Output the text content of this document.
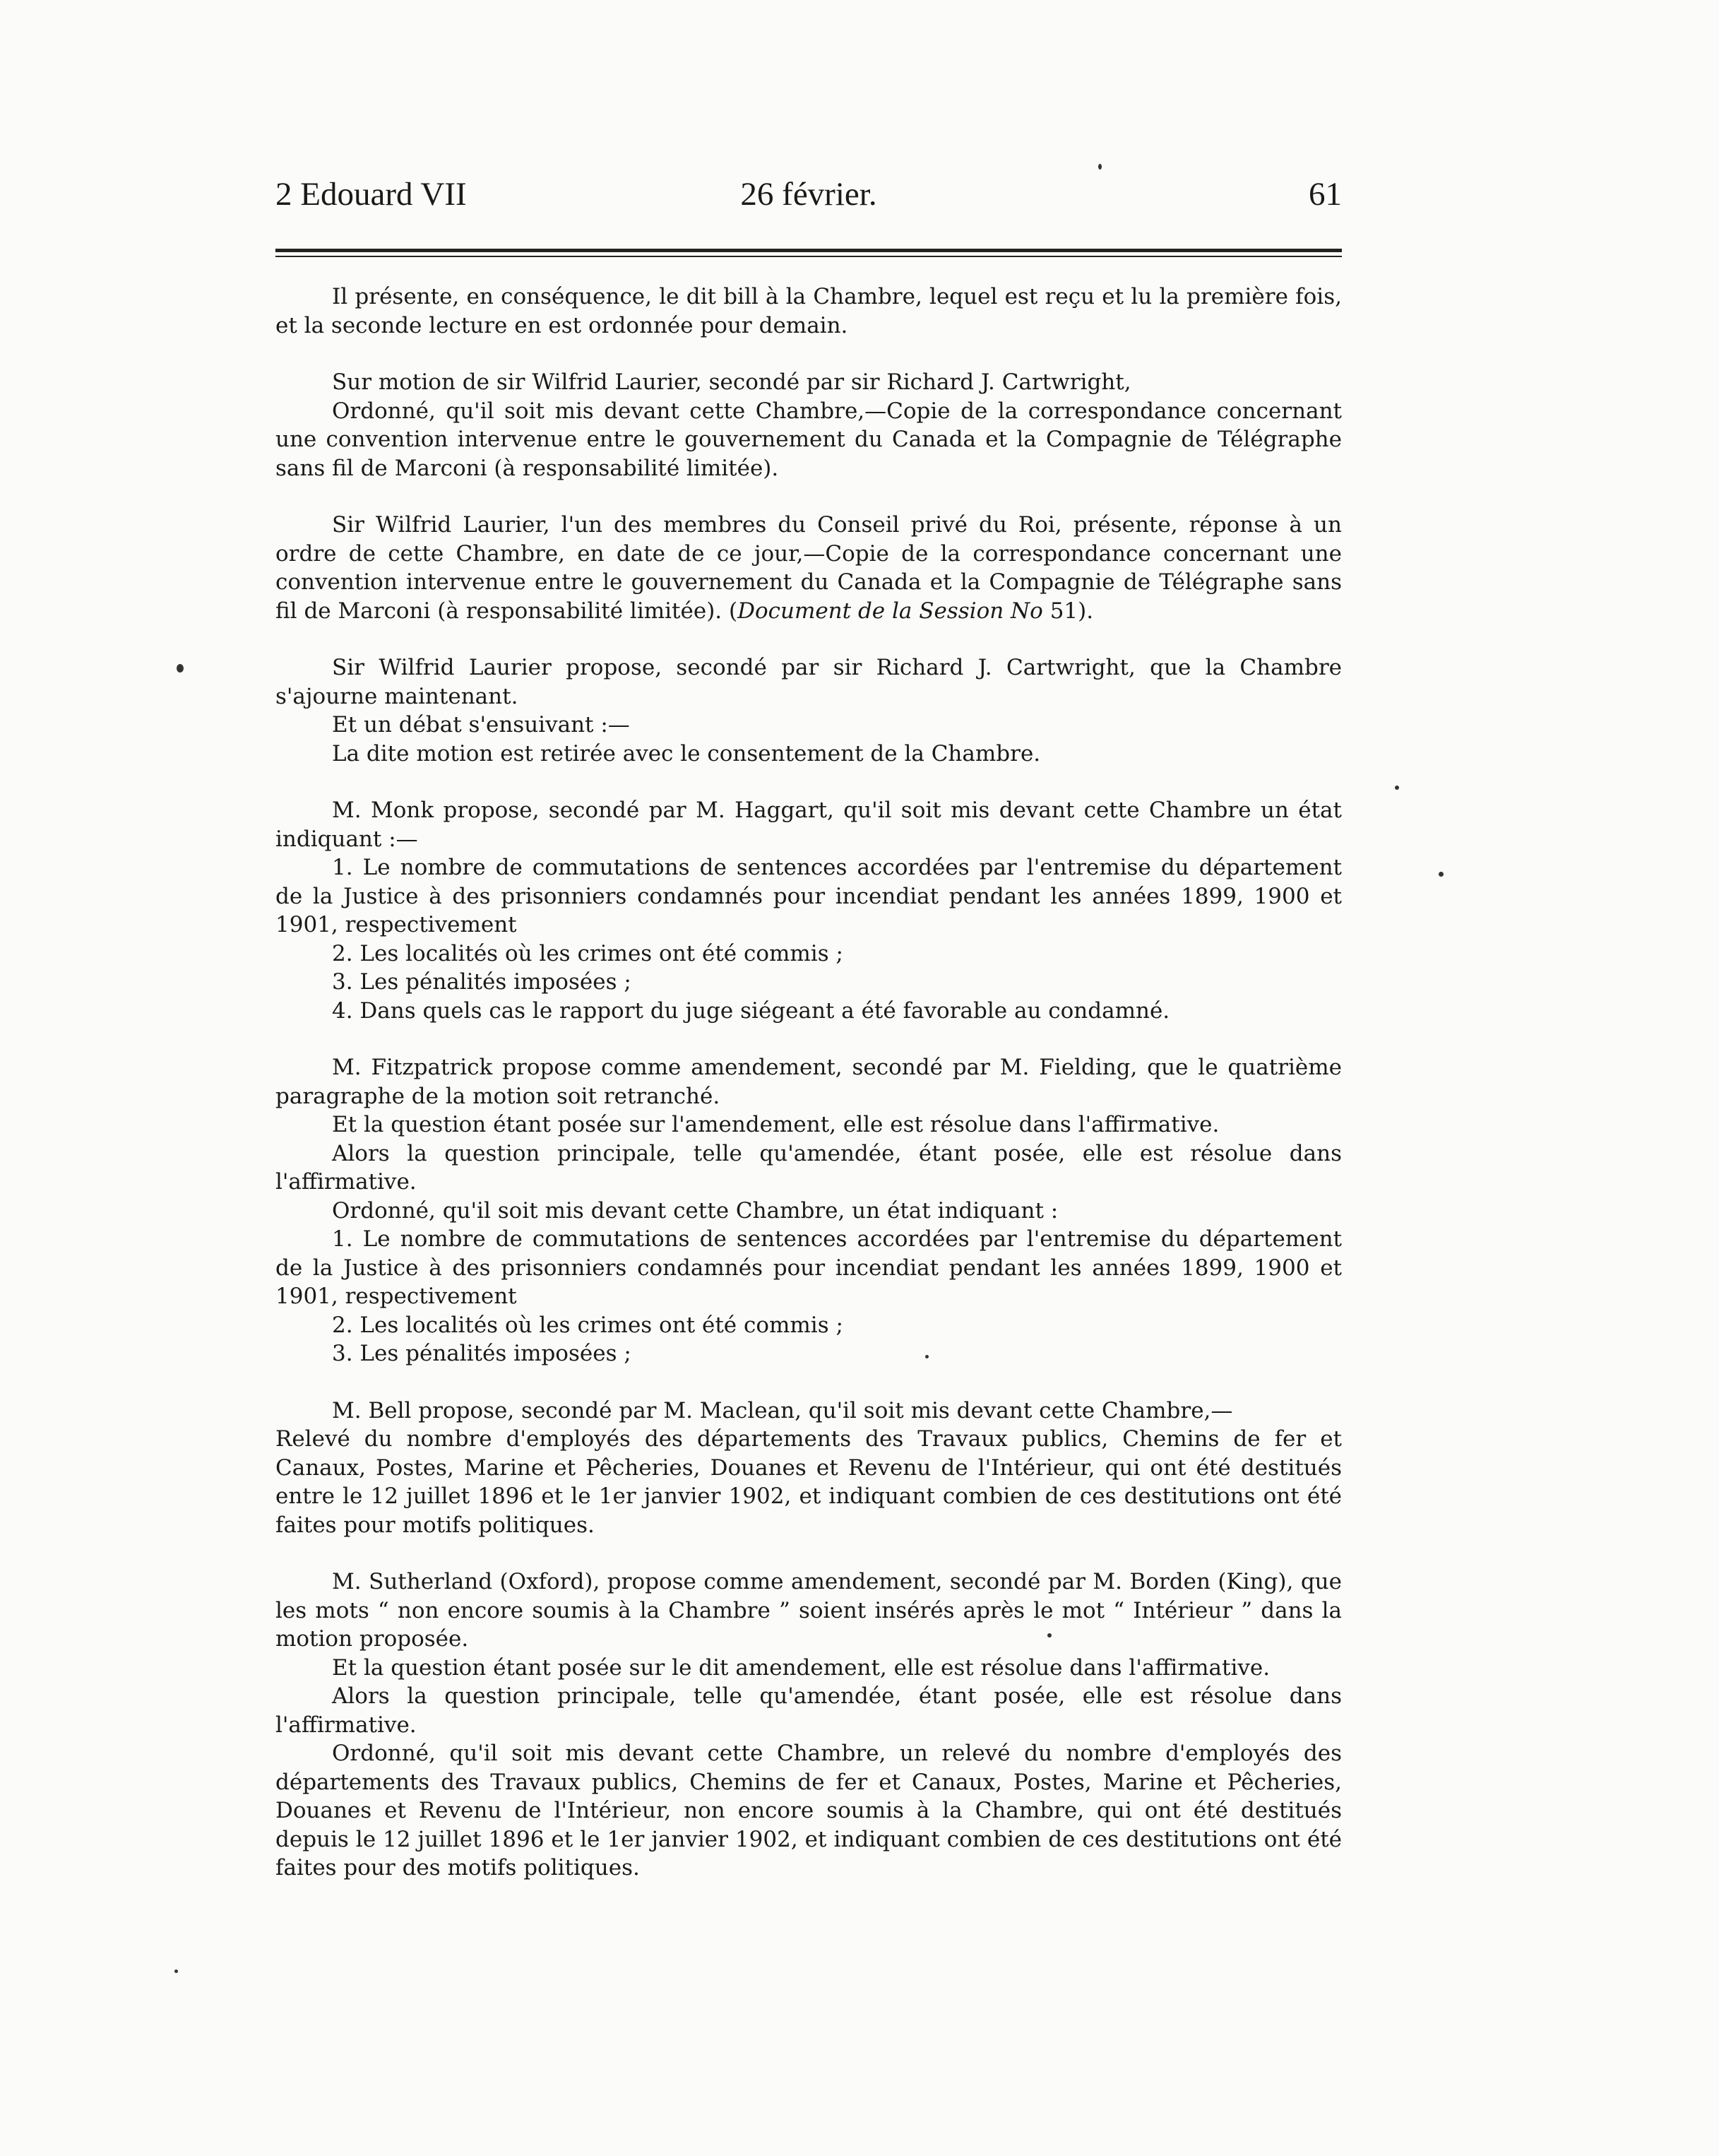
2 Edouard VII	26 février.	61

Il présente, en conséquence, le dit bill à la Chambre, lequel est reçu et lu la première fois, et la seconde lecture en est ordonnée pour demain.

Sur motion de sir Wilfrid Laurier, secondé par sir Richard J. Cartwright,

Ordonné, qu'il soit mis devant cette Chambre,—Copie de la correspondance concernant une convention intervenue entre le gouvernement du Canada et la Compagnie de Télégraphe sans fil de Marconi (à responsabilité limitée).

Sir Wilfrid Laurier, l'un des membres du Conseil privé du Roi, présente, réponse à un ordre de cette Chambre, en date de ce jour,—Copie de la correspondance concernant une convention intervenue entre le gouvernement du Canada et la Compagnie de Télégraphe sans fil de Marconi (à responsabilité limitée). (Document de la Session No 51).

Sir Wilfrid Laurier propose, secondé par sir Richard J. Cartwright, que la Chambre s'ajourne maintenant.

Et un débat s'ensuivant :—

La dite motion est retirée avec le consentement de la Chambre.

M. Monk propose, secondé par M. Haggart, qu'il soit mis devant cette Chambre un état indiquant :—

1. Le nombre de commutations de sentences accordées par l'entremise du département de la Justice à des prisonniers condamnés pour incendiat pendant les années 1899, 1900 et 1901, respectivement

2. Les localités où les crimes ont été commis ;

3. Les pénalités imposées ;

4. Dans quels cas le rapport du juge siégeant a été favorable au condamné.

M. Fitzpatrick propose comme amendement, secondé par M. Fielding, que le quatrième paragraphe de la motion soit retranché.

Et la question étant posée sur l'amendement, elle est résolue dans l'affirmative.

Alors la question principale, telle qu'amendée, étant posée, elle est résolue dans l'affirmative.

Ordonné, qu'il soit mis devant cette Chambre, un état indiquant :

1. Le nombre de commutations de sentences accordées par l'entremise du département de la Justice à des prisonniers condamnés pour incendiat pendant les années 1899, 1900 et 1901, respectivement

2. Les localités où les crimes ont été commis ;

3. Les pénalités imposées ;

M. Bell propose, secondé par M. Maclean, qu'il soit mis devant cette Chambre,—

Relevé du nombre d'employés des départements des Travaux publics, Chemins de fer et Canaux, Postes, Marine et Pêcheries, Douanes et Revenu de l'Intérieur, qui ont été destitués entre le 12 juillet 1896 et le 1er janvier 1902, et indiquant combien de ces destitutions ont été faites pour motifs politiques.

M. Sutherland (Oxford), propose comme amendement, secondé par M. Borden (King), que les mots “ non encore soumis à la Chambre ” soient insérés après le mot “ Intérieur ” dans la motion proposée.

Et la question étant posée sur le dit amendement, elle est résolue dans l'affirmative.

Alors la question principale, telle qu'amendée, étant posée, elle est résolue dans l'affirmative.

Ordonné, qu'il soit mis devant cette Chambre, un relevé du nombre d'employés des départements des Travaux publics, Chemins de fer et Canaux, Postes, Marine et Pêcheries, Douanes et Revenu de l'Intérieur, non encore soumis à la Chambre, qui ont été destitués depuis le 12 juillet 1896 et le 1er janvier 1902, et indiquant combien de ces destitutions ont été faites pour des motifs politiques.
